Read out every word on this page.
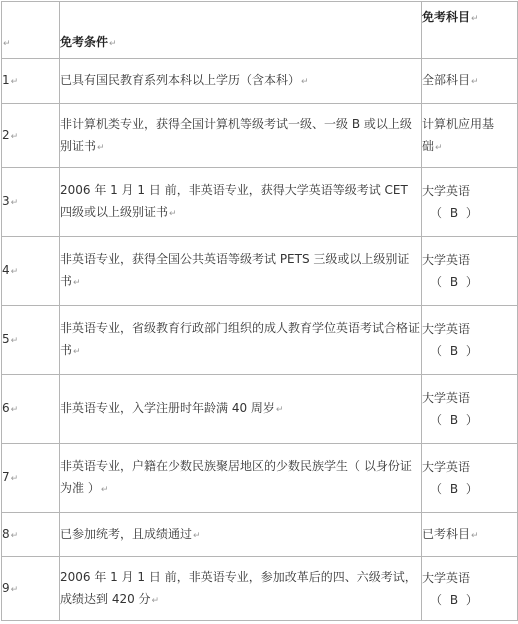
↵	免考条件↵	免考科目↵
1↵	已具有国民教育系列本科以上学历（含本科）↵	全部科目↵
2↵	非计算机类专业，获得全国计算机等级考试一级、一级 B 或以上级别证书↵	计算机应用基
础↵
3↵	2006 年 1 月 1 日 前，非英语专业，获得大学英语等级考试 CET 四级或以上级别证书↵	大学英语

（ B ）

4↵	非英语专业，获得全国公共英语等级考试 PETS 三级或以上级别证书↵	大学英语

（ B ）

5↵	非英语专业，省级教育行政部门组织的成人教育学位英语考试合格证书↵	大学英语

（ B ）

6↵	非英语专业，入学注册时年龄满 40 周岁↵	大学英语

（ B ）

7↵	非英语专业，户籍在少数民族聚居地区的少数民族学生（ 以身份证为准 ）↵	大学英语

（ B ）

8↵	已参加统考，且成绩通过↵	已考科目↵
9↵	2006 年 1 月 1 日 前，非英语专业，参加改革后的四、六级考试，成绩达到 420 分↵	大学英语

（ B ）
